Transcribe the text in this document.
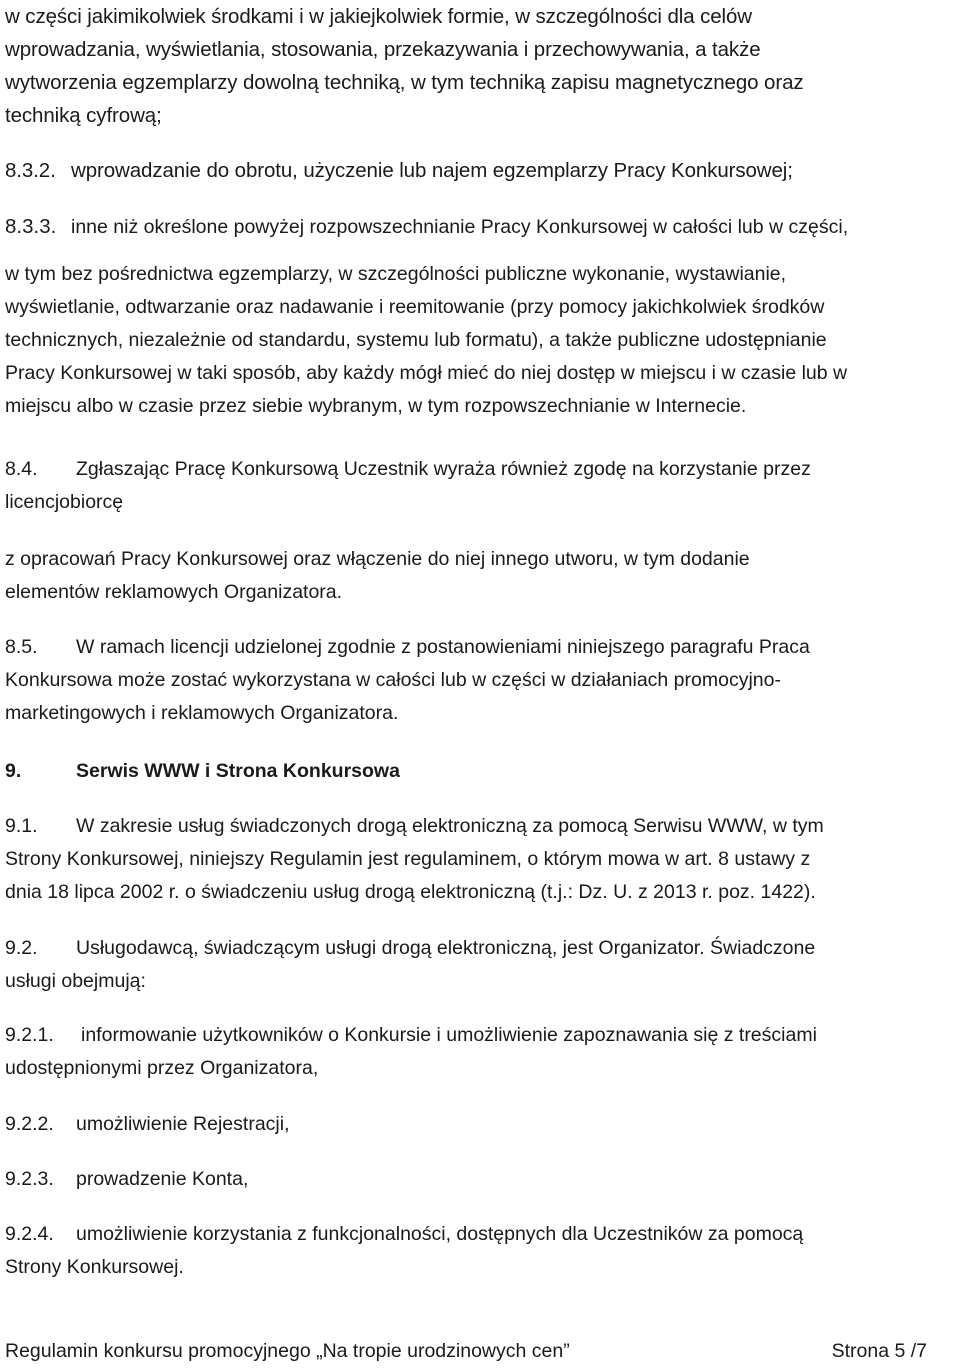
w części jakimikolwiek środkami i w jakiejkolwiek formie, w szczególności dla celów
wprowadzania, wyświetlania, stosowania, przekazywania i przechowywania, a także
wytworzenia egzemplarzy dowolną techniką, w tym techniką zapisu magnetycznego oraz
techniką cyfrową;
8.3.2. wprowadzanie do obrotu, użyczenie lub najem egzemplarzy Pracy Konkursowej;
8.3.3. inne niż określone powyżej rozpowszechnianie Pracy Konkursowej w całości lub w części,
w tym bez pośrednictwa egzemplarzy, w szczególności publiczne wykonanie, wystawianie,
wyświetlanie, odtwarzanie oraz nadawanie i reemitowanie (przy pomocy jakichkolwiek środków
technicznych, niezależnie od standardu, systemu lub formatu), a także publiczne udostępnianie
Pracy Konkursowej w taki sposób, aby każdy mógł mieć do niej dostęp w miejscu i w czasie lub w
miejscu albo w czasie przez siebie wybranym, w tym rozpowszechnianie w Internecie.
8.4. Zgłaszając Pracę Konkursową Uczestnik wyraża również zgodę na korzystanie przez
licencjobiorcę
z opracowań Pracy Konkursowej oraz włączenie do niej innego utworu, w tym dodanie
elementów reklamowych Organizatora.
8.5. W ramach licencji udzielonej zgodnie z postanowieniami niniejszego paragrafu Praca
Konkursowa może zostać wykorzystana w całości lub w części w działaniach promocyjno-
marketingowych i reklamowych Organizatora.
9.	Serwis WWW i Strona Konkursowa
9.1. W zakresie usług świadczonych drogą elektroniczną za pomocą Serwisu WWW, w tym
Strony Konkursowej, niniejszy Regulamin jest regulaminem, o którym mowa w art. 8 ustawy z
dnia 18 lipca 2002 r. o świadczeniu usług drogą elektroniczną (t.j.: Dz. U. z 2013 r. poz. 1422).
9.2. Usługodawcą, świadczącym usługi drogą elektroniczną, jest Organizator. Świadczone
usługi obejmują:
9.2.1. informowanie użytkowników o Konkursie i umożliwienie zapoznawania się z treściami
udostępnionymi przez Organizatora,
9.2.2. umożliwienie Rejestracji,
9.2.3. prowadzenie Konta,
9.2.4. umożliwienie korzystania z funkcjonalności, dostępnych dla Uczestników za pomocą
Strony Konkursowej.
Regulamin konkursu promocyjnego „Na tropie urodzinowych cen”	Strona 5 /7
